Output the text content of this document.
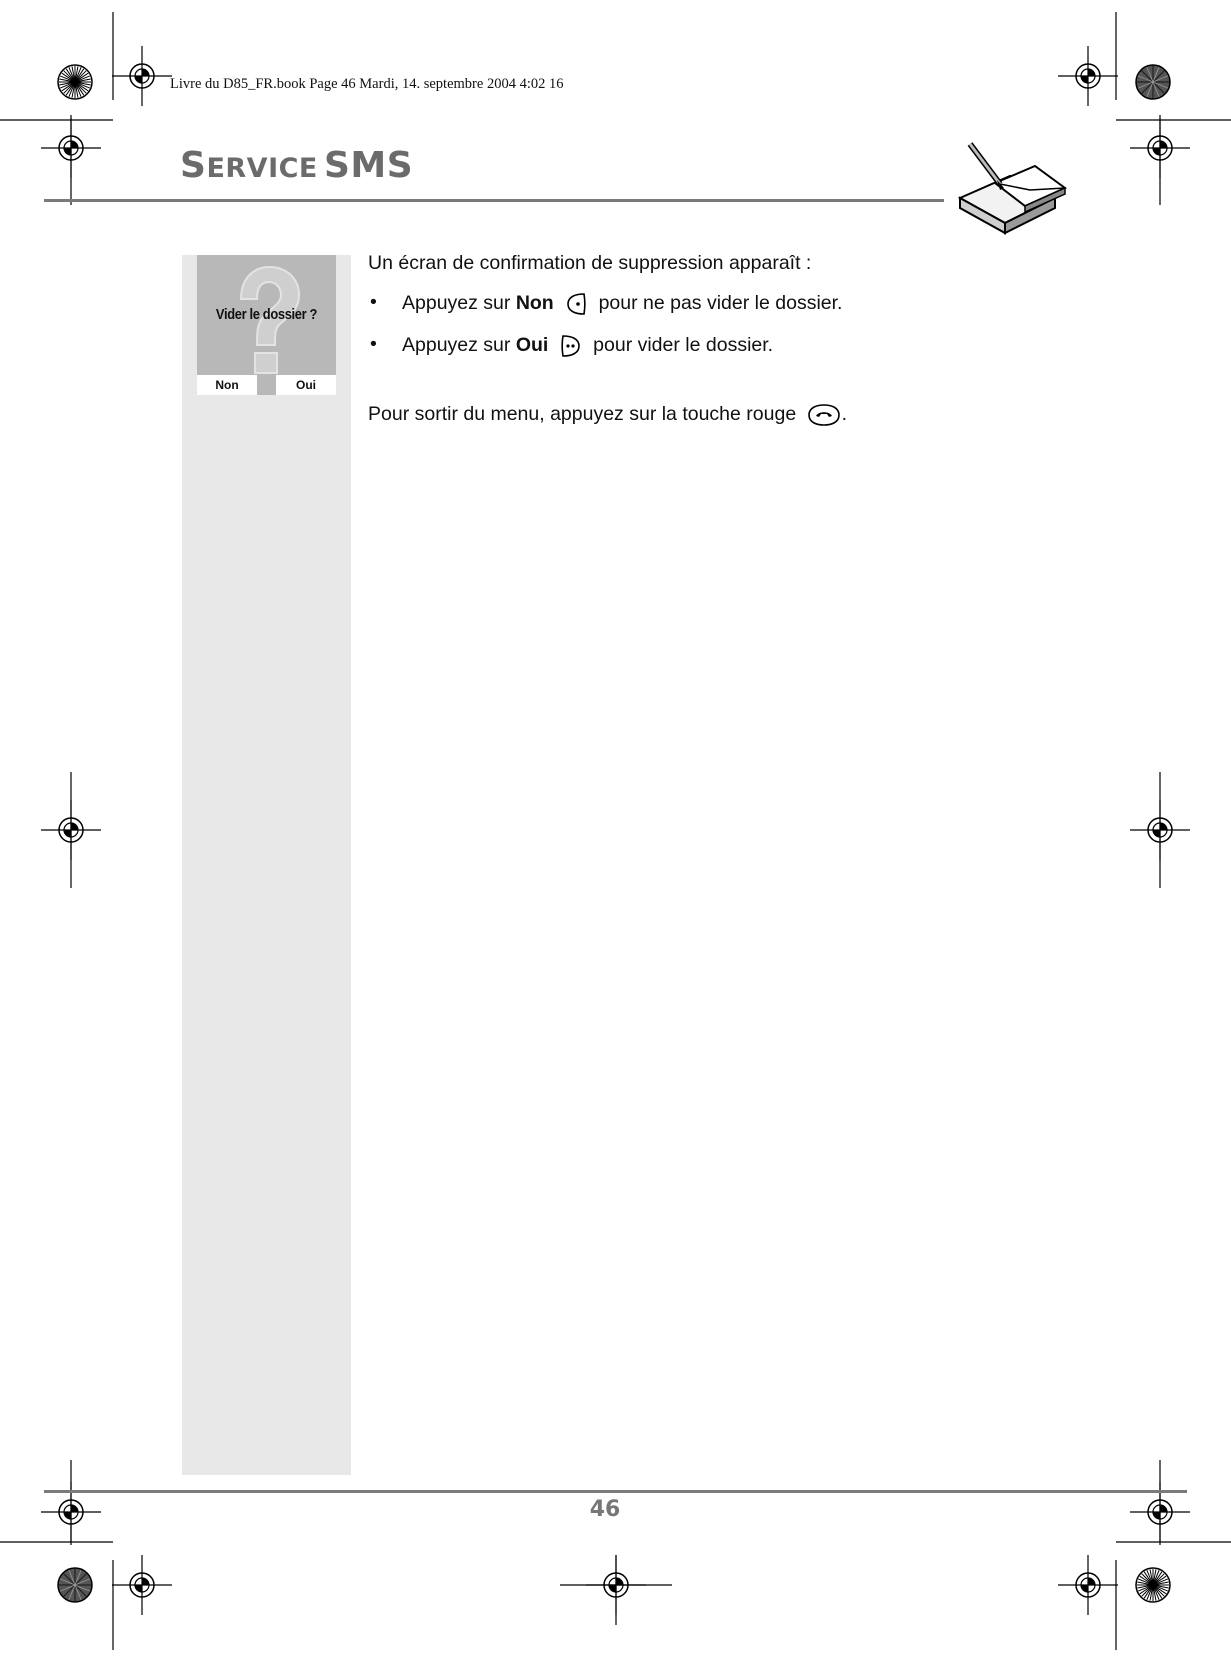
Livre du D85_FR.book Page 46 Mardi, 14. septembre 2004 4:02 16
SERVICE SMS
Vider le dossier ?
Non	Oui
Un écran de confirmation de suppression apparaît :
• Appuyez sur Non  pour ne pas vider le dossier.
• Appuyez sur Oui  pour vider le dossier.
Pour sortir du menu, appuyez sur la touche rouge .
46
